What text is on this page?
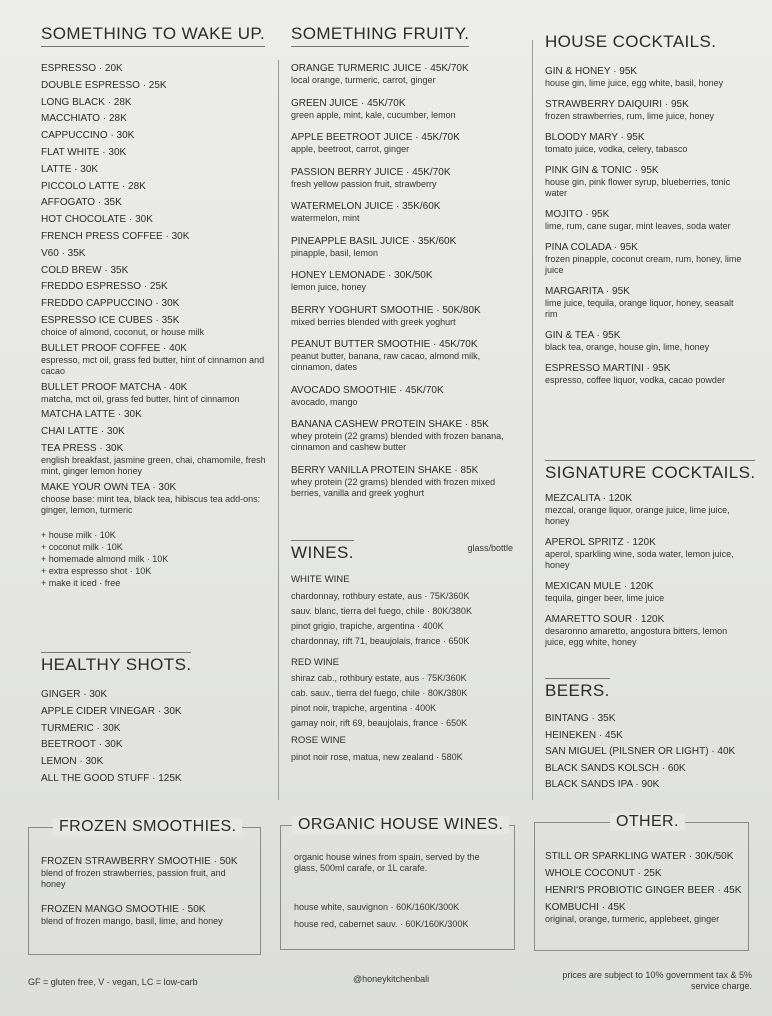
SOMETHING TO WAKE UP.
ESPRESSO · 20K
DOUBLE ESPRESSO · 25K
LONG BLACK · 28K
MACCHIATO · 28K
CAPPUCCINO · 30K
FLAT WHITE · 30K
LATTE · 30K
PICCOLO LATTE · 28K
AFFOGATO · 35K
HOT CHOCOLATE · 30K
FRENCH PRESS COFFEE · 30K
V60 · 35K
COLD BREW · 35K
FREDDO ESPRESSO · 25K
FREDDO CAPPUCCINO · 30K
ESPRESSO ICE CUBES · 35K
choice of almond, coconut, or house milk
BULLET PROOF COFFEE · 40K
espresso, mct oil, grass fed butter, hint of cinnamon and cacao
BULLET PROOF MATCHA · 40K
matcha, mct oil, grass fed butter, hint of cinnamon
MATCHA LATTE · 30K
CHAI LATTE · 30K
TEA PRESS · 30K
english breakfast, jasmine green, chai, chamomile, fresh mint, ginger lemon honey
MAKE YOUR OWN TEA · 30K
choose base: mint tea, black tea, hibiscus tea add-ons: ginger, lemon, turmeric
+ house milk · 10K
+ coconut milk · 10K
+ homemade almond milk · 10K
+ extra espresso shot · 10K
+ make it iced · free
HEALTHY SHOTS.
GINGER · 30K
APPLE CIDER VINEGAR · 30K
TURMERIC · 30K
BEETROOT · 30K
LEMON · 30K
ALL THE GOOD STUFF · 125K
SOMETHING FRUITY.
ORANGE TURMERIC JUICE · 45K/70K
local orange, turmeric, carrot, ginger
GREEN JUICE · 45K/70K
green apple, mint, kale, cucumber, lemon
APPLE BEETROOT JUICE · 45K/70K
apple, beetroot, carrot, ginger
PASSION BERRY JUICE · 45K/70K
fresh yellow passion fruit, strawberry
WATERMELON JUICE · 35K/60K
watermelon, mint
PINEAPPLE BASIL JUICE · 35K/60K
pinapple, basil, lemon
HONEY LEMONADE · 30K/50K
lemon juice, honey
BERRY YOGHURT SMOOTHIE · 50K/80K
mixed berries blended with greek yoghurt
PEANUT BUTTER SMOOTHIE · 45K/70K
peanut butter, banana, raw cacao, almond milk, cinnamon, dates
AVOCADO SMOOTHIE · 45K/70K
avocado, mango
BANANA CASHEW PROTEIN SHAKE · 85K
whey protein (22 grams) blended with frozen banana, cinnamon and cashew butter
BERRY VANILLA PROTEIN SHAKE · 85K
whey protein (22 grams) blended with frozen mixed berries, vanilla and greek yoghurt
WINES.	glass/bottle
WHITE WINE
chardonnay, rothbury estate, aus · 75K/360K
sauv. blanc, tierra del fuego, chile · 80K/380K
pinot grigio, trapiche, argentina · 400K
chardonnay, rift 71, beaujolais, france · 650K
RED WINE
shiraz cab., rothbury estate, aus · 75K/360K
cab. sauv., tierra del fuego, chile · 80K/380K
pinot noir, trapiche, argentina · 400K
gamay noir, rift 69, beaujolais, france · 650K
ROSE WINE
pinot noir rose, matua, new zealand · 580K
HOUSE COCKTAILS.
GIN & HONEY · 95K
house gin, lime juice, egg white, basil, honey
STRAWBERRY DAIQUIRI · 95K
frozen strawberries, rum, lime juice, honey
BLOODY MARY · 95K
tomato juice, vodka, celery, tabasco
PINK GIN & TONIC · 95K
house gin, pink flower syrup, blueberries, tonic water
MOJITO · 95K
lime, rum, cane sugar, mint leaves, soda water
PINA COLADA · 95K
frozen pinapple, coconut cream, rum, honey, lime juice
MARGARITA · 95K
lime juice, tequila, orange liquor, honey, seasalt rim
GIN & TEA · 95K
black tea, orange, house gin, lime, honey
ESPRESSO MARTINI · 95K
espresso, coffee liquor, vodka, cacao powder
SIGNATURE COCKTAILS.
MEZCALITA · 120K
mezcal, orange liquor, orange juice, lime juice, honey
APEROL SPRITZ · 120K
aperol, sparkling wine, soda water, lemon juice, honey
MEXICAN MULE · 120K
tequila, ginger beer, lime juice
AMARETTO SOUR · 120K
desaronno amaretto, angostura bitters, lemon juice, egg white, honey
BEERS.
BINTANG · 35K
HEINEKEN · 45K
SAN MIGUEL (PILSNER OR LIGHT) · 40K
BLACK SANDS KOLSCH · 60K
BLACK SANDS IPA · 90K
FROZEN SMOOTHIES.
FROZEN STRAWBERRY SMOOTHIE · 50K
blend of frozen strawberries, passion fruit, and honey
FROZEN MANGO SMOOTHIE · 50K
blend of frozen mango, basil, lime, and honey
ORGANIC HOUSE WINES.
organic house wines from spain, served by the glass, 500ml carafe, or 1L carafe.
house white, sauvignon · 60K/160K/300K
house red, cabernet sauv. · 60K/160K/300K
OTHER.
STILL OR SPARKLING WATER · 30K/50K
WHOLE COCONUT · 25K
HENRI'S PROBIOTIC GINGER BEER · 45K
KOMBUCHI · 45K
original, orange, turmeric, applebeet, ginger
GF = gluten free, V - vegan, LC = low-carb	@honeykitchenbali	prices are subject to 10% government tax & 5% service charge.
